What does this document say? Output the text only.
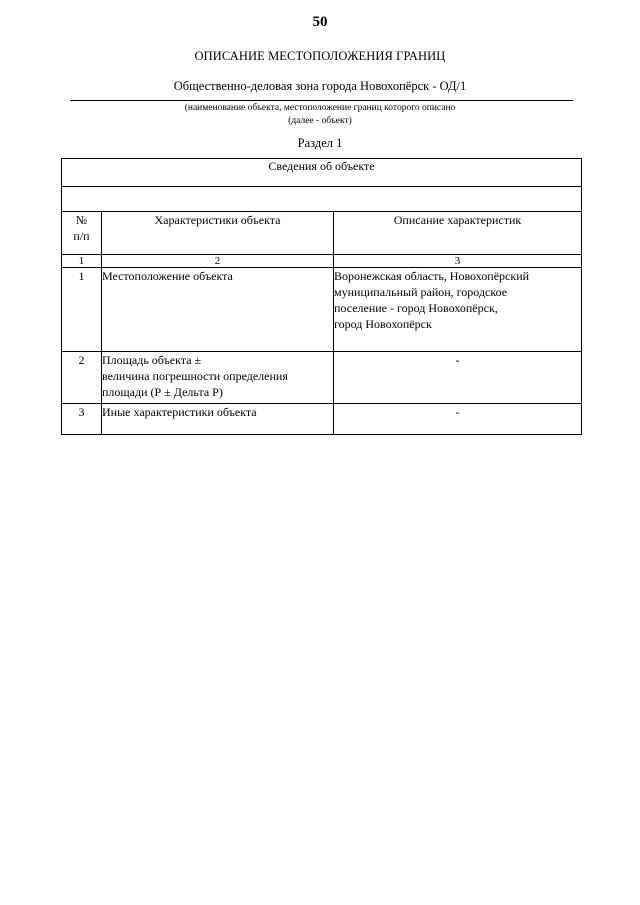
50
ОПИСАНИЕ МЕСТОПОЛОЖЕНИЯ ГРАНИЦ
Общественно-деловая зона города Новохопёрск - ОД/1
(наименование объекта, местоположение границ которого описано
(далее - объект)
Раздел 1
Сведения об объекте		

№
п/п	Характеристики объекта	Описание характеристик
1	2	3
1	Местоположение объекта	Воронежская область, Новохопёрский
муниципальный район, городское
поселение - город Новохопёрск,
город Новохопёрск

2	Площадь объекта ±
величина погрешности определения
площади (Р ± Дельта Р)	-
3	Иные характеристики объекта	-
